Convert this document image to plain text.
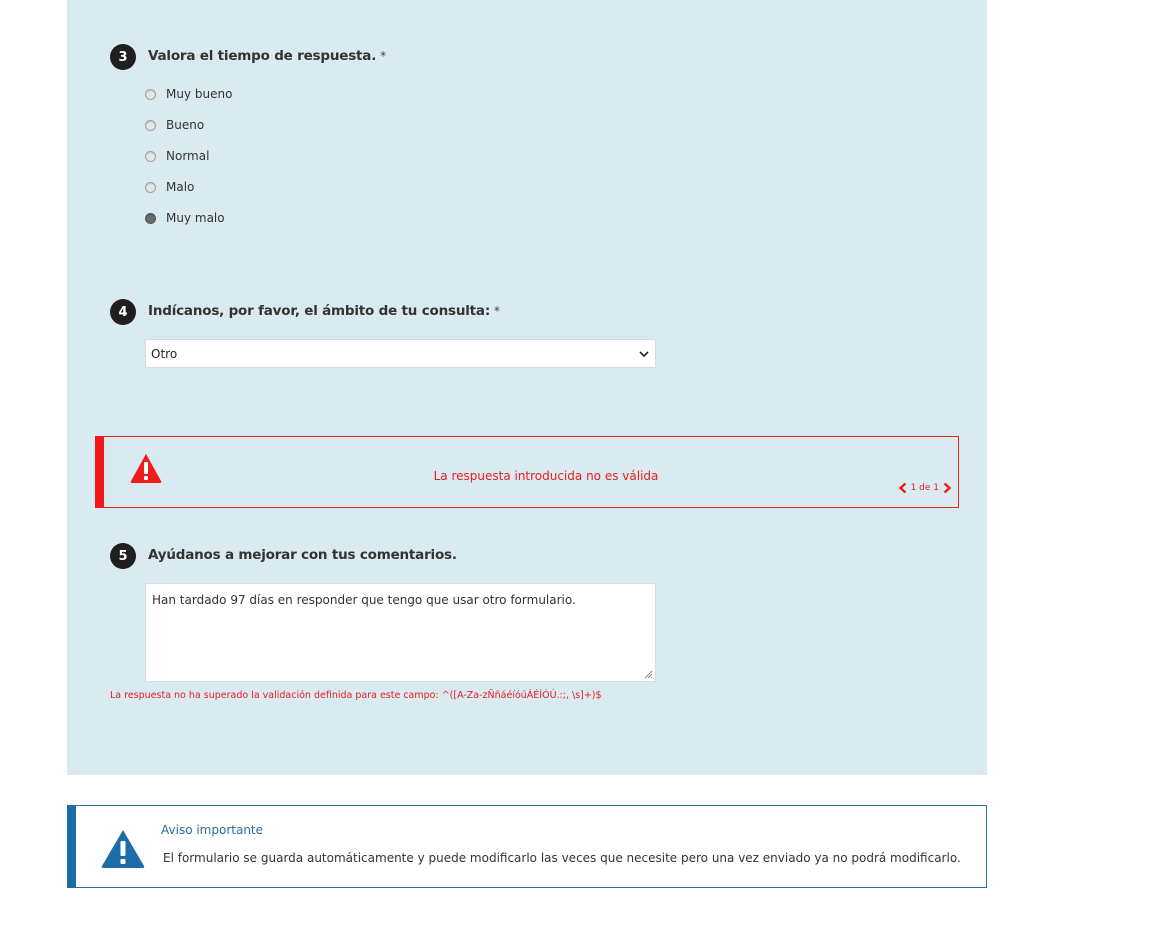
3	Valora el tiempo de respuesta. *
Muy bueno
Bueno
Normal
Malo
Muy malo
4	Indícanos, por favor, el ámbito de tu consulta: *
Otro
La respuesta introducida no es válida
1 de 1
5	Ayúdanos a mejorar con tus comentarios.
Han tardado 97 días en responder que tengo que usar otro formulario.
La respuesta no ha superado la validación definida para este campo: ^([A-Za-zÑñáéíóúÁÉÍÓÚ.:;, \s]+)$
Aviso importante
El formulario se guarda automáticamente y puede modificarlo las veces que necesite pero una vez enviado ya no podrá modificarlo.
